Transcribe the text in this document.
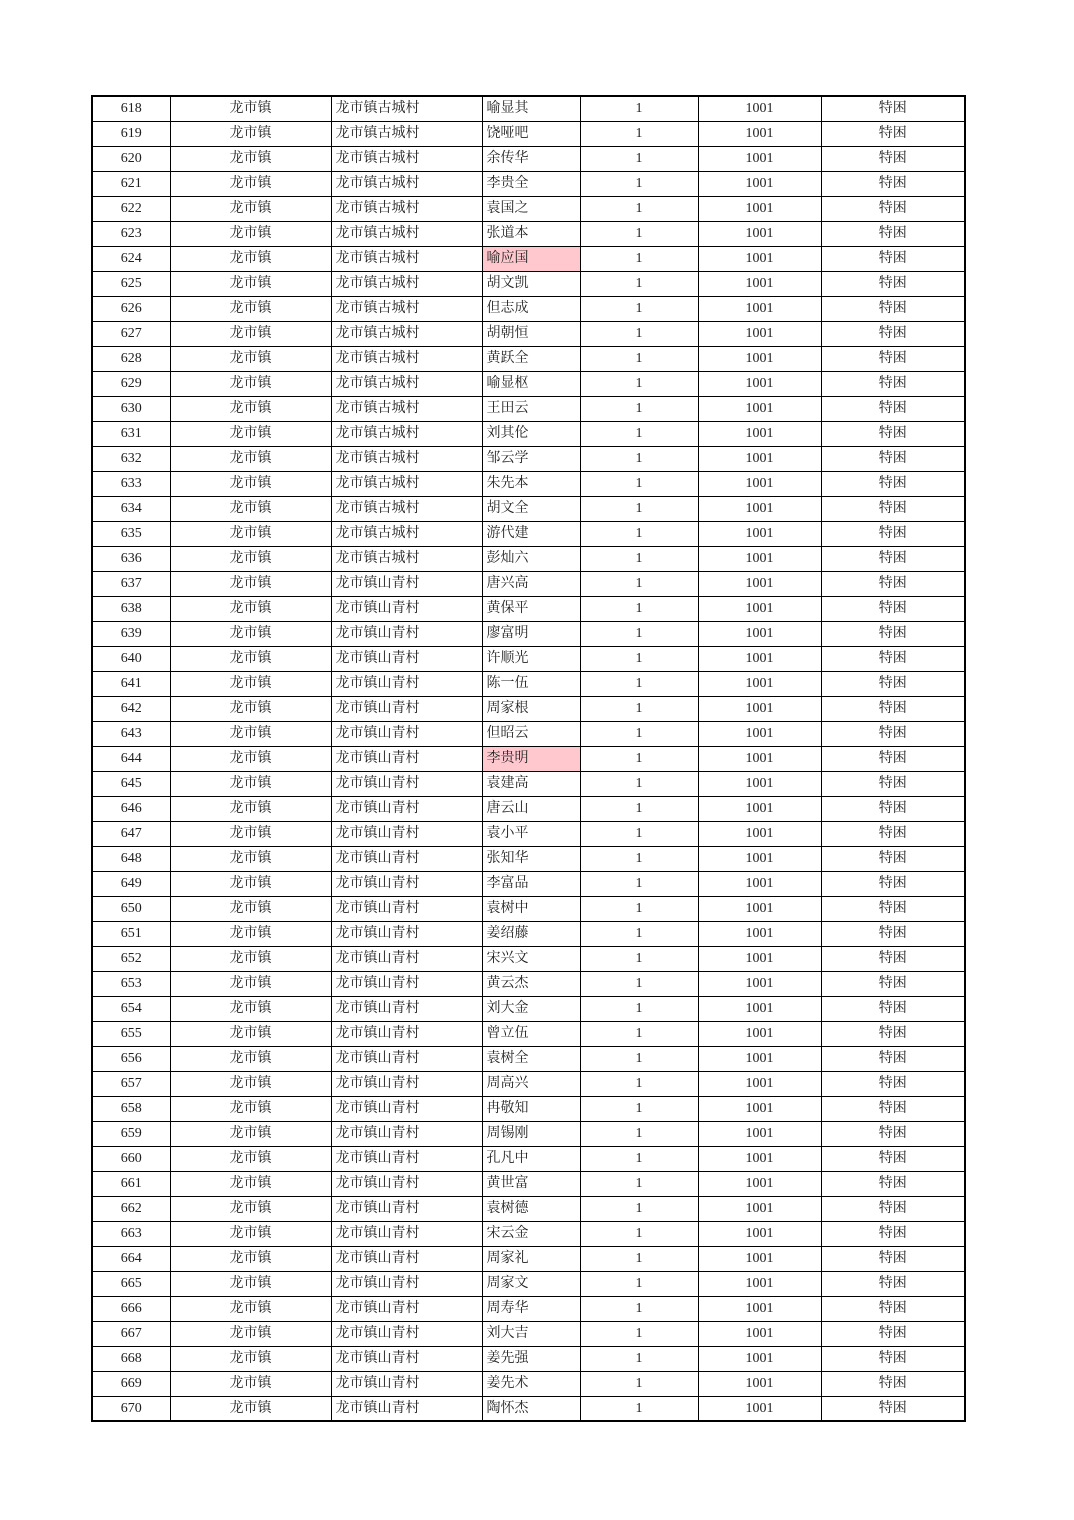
618	龙市镇	龙市镇古城村	喻显其	1	1001	特困
619	龙市镇	龙市镇古城村	饶哑吧	1	1001	特困
620	龙市镇	龙市镇古城村	余传华	1	1001	特困
621	龙市镇	龙市镇古城村	李贵全	1	1001	特困
622	龙市镇	龙市镇古城村	袁国之	1	1001	特困
623	龙市镇	龙市镇古城村	张道本	1	1001	特困
624	龙市镇	龙市镇古城村	喻应国	1	1001	特困
625	龙市镇	龙市镇古城村	胡文凯	1	1001	特困
626	龙市镇	龙市镇古城村	但志成	1	1001	特困
627	龙市镇	龙市镇古城村	胡朝恒	1	1001	特困
628	龙市镇	龙市镇古城村	黄跃全	1	1001	特困
629	龙市镇	龙市镇古城村	喻显枢	1	1001	特困
630	龙市镇	龙市镇古城村	王田云	1	1001	特困
631	龙市镇	龙市镇古城村	刘其伦	1	1001	特困
632	龙市镇	龙市镇古城村	邹云学	1	1001	特困
633	龙市镇	龙市镇古城村	朱先本	1	1001	特困
634	龙市镇	龙市镇古城村	胡文全	1	1001	特困
635	龙市镇	龙市镇古城村	游代建	1	1001	特困
636	龙市镇	龙市镇古城村	彭灿六	1	1001	特困
637	龙市镇	龙市镇山青村	唐兴高	1	1001	特困
638	龙市镇	龙市镇山青村	黄保平	1	1001	特困
639	龙市镇	龙市镇山青村	廖富明	1	1001	特困
640	龙市镇	龙市镇山青村	许顺光	1	1001	特困
641	龙市镇	龙市镇山青村	陈一伍	1	1001	特困
642	龙市镇	龙市镇山青村	周家根	1	1001	特困
643	龙市镇	龙市镇山青村	但昭云	1	1001	特困
644	龙市镇	龙市镇山青村	李贵明	1	1001	特困
645	龙市镇	龙市镇山青村	袁建高	1	1001	特困
646	龙市镇	龙市镇山青村	唐云山	1	1001	特困
647	龙市镇	龙市镇山青村	袁小平	1	1001	特困
648	龙市镇	龙市镇山青村	张知华	1	1001	特困
649	龙市镇	龙市镇山青村	李富品	1	1001	特困
650	龙市镇	龙市镇山青村	袁树中	1	1001	特困
651	龙市镇	龙市镇山青村	姜绍藤	1	1001	特困
652	龙市镇	龙市镇山青村	宋兴文	1	1001	特困
653	龙市镇	龙市镇山青村	黄云杰	1	1001	特困
654	龙市镇	龙市镇山青村	刘大金	1	1001	特困
655	龙市镇	龙市镇山青村	曾立伍	1	1001	特困
656	龙市镇	龙市镇山青村	袁树全	1	1001	特困
657	龙市镇	龙市镇山青村	周高兴	1	1001	特困
658	龙市镇	龙市镇山青村	冉敬知	1	1001	特困
659	龙市镇	龙市镇山青村	周锡刚	1	1001	特困
660	龙市镇	龙市镇山青村	孔凡中	1	1001	特困
661	龙市镇	龙市镇山青村	黄世富	1	1001	特困
662	龙市镇	龙市镇山青村	袁树德	1	1001	特困
663	龙市镇	龙市镇山青村	宋云金	1	1001	特困
664	龙市镇	龙市镇山青村	周家礼	1	1001	特困
665	龙市镇	龙市镇山青村	周家文	1	1001	特困
666	龙市镇	龙市镇山青村	周寿华	1	1001	特困
667	龙市镇	龙市镇山青村	刘大吉	1	1001	特困
668	龙市镇	龙市镇山青村	姜先强	1	1001	特困
669	龙市镇	龙市镇山青村	姜先术	1	1001	特困
670	龙市镇	龙市镇山青村	陶怀杰	1	1001	特困
